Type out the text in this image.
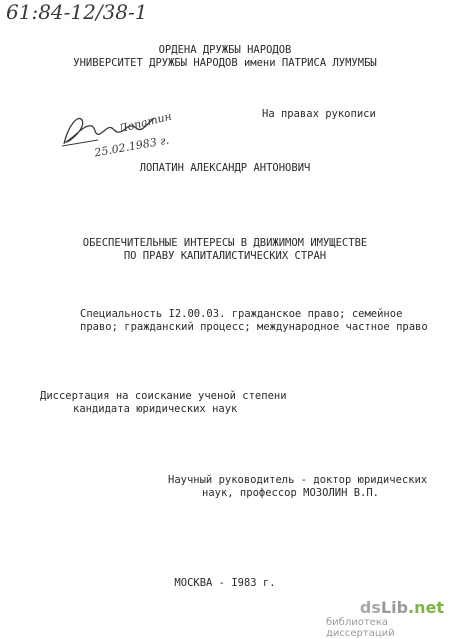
61:84-12/38-1
ОРДЕНА ДРУЖБЫ НАРОДОВ
УНИВЕРСИТЕТ ДРУЖБЫ НАРОДОВ имени ПАТРИСА ЛУМУМБЫ
Лопатин
25.02.1983 г.
На правах рукописи
ЛОПАТИН АЛЕКСАНДР АНТОНОВИЧ
ОБЕСПЕЧИТЕЛЬНЫЕ ИНТЕРЕСЫ В ДВИЖИМОМ ИМУЩЕСТВЕ
ПО ПРАВУ КАПИТАЛИСТИЧЕСКИХ СТРАН
Специальность I2.00.03. гражданское право; семейное
право; гражданский процесс; международное частное право
Диссертация на соискание ученой степени
кандидата юридических наук
Научный руководитель - доктор юридических
наук, профессор МОЗОЛИН В.П.
МОСКВА - I983 г.
dsLib.net
библиотека диссертаций
